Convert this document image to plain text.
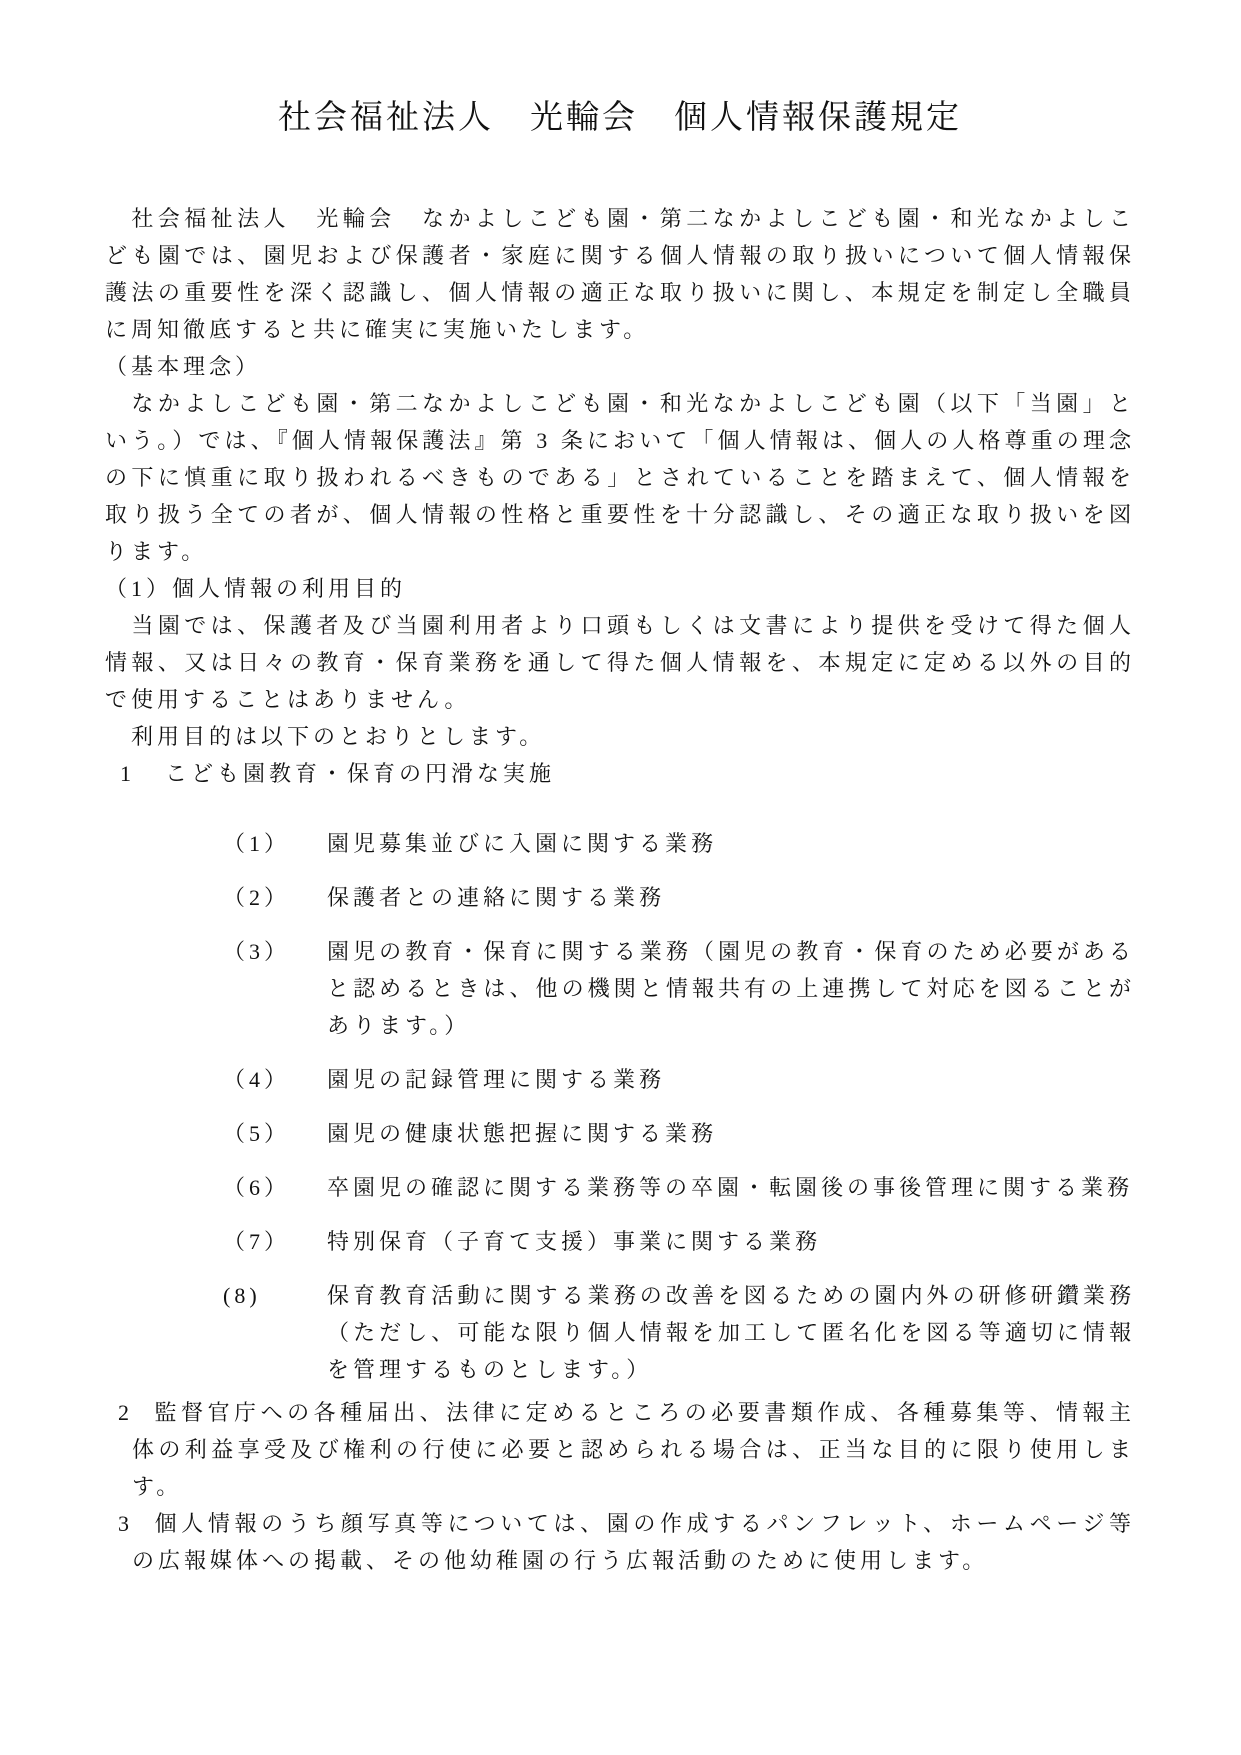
社会福祉法人　光輪会　個人情報保護規定

　社会福祉法人　光輪会　なかよしこども園・第二なかよしこども園・和光なかよしこども園では、園児および保護者・家庭に関する個人情報の取り扱いについて個人情報保護法の重要性を深く認識し、個人情報の適正な取り扱いに関し、本規定を制定し全職員に周知徹底すると共に確実に実施いたします。

（基本理念）

　なかよしこども園・第二なかよしこども園・和光なかよしこども園（以下「当園」という。）では、『個人情報保護法』第 3 条において「個人情報は、個人の人格尊重の理念の下に慎重に取り扱われるべきものである」とされていることを踏まえて、個人情報を取り扱う全ての者が、個人情報の性格と重要性を十分認識し、その適正な取り扱いを図ります。

（1）個人情報の利用目的

　当園では、保護者及び当園利用者より口頭もしくは文書により提供を受けて得た個人情報、又は日々の教育・保育業務を通して得た個人情報を、本規定に定める以外の目的で使用することはありません。

　利用目的は以下のとおりとします。

1	こども園教育・保育の円滑な実施
（1）	園児募集並びに入園に関する業務
（2）	保護者との連絡に関する業務
（3）	園児の教育・保育に関する業務（園児の教育・保育のため必要があると認めるときは、他の機関と情報共有の上連携して対応を図ることがあります。）
（4）	園児の記録管理に関する業務
（5）	園児の健康状態把握に関する業務
（6）	卒園児の確認に関する業務等の卒園・転園後の事後管理に関する業務
（7）	特別保育（子育て支援）事業に関する業務
(8)	保育教育活動に関する業務の改善を図るための園内外の研修研鑽業務（ただし、可能な限り個人情報を加工して匿名化を図る等適切に情報を管理するものとします。）

2 監督官庁への各種届出、法律に定めるところの必要書類作成、各種募集等、情報主体の利益享受及び権利の行使に必要と認められる場合は、正当な目的に限り使用します。

3 個人情報のうち顔写真等については、園の作成するパンフレット、ホームページ等の広報媒体への掲載、その他幼稚園の行う広報活動のために使用します。
